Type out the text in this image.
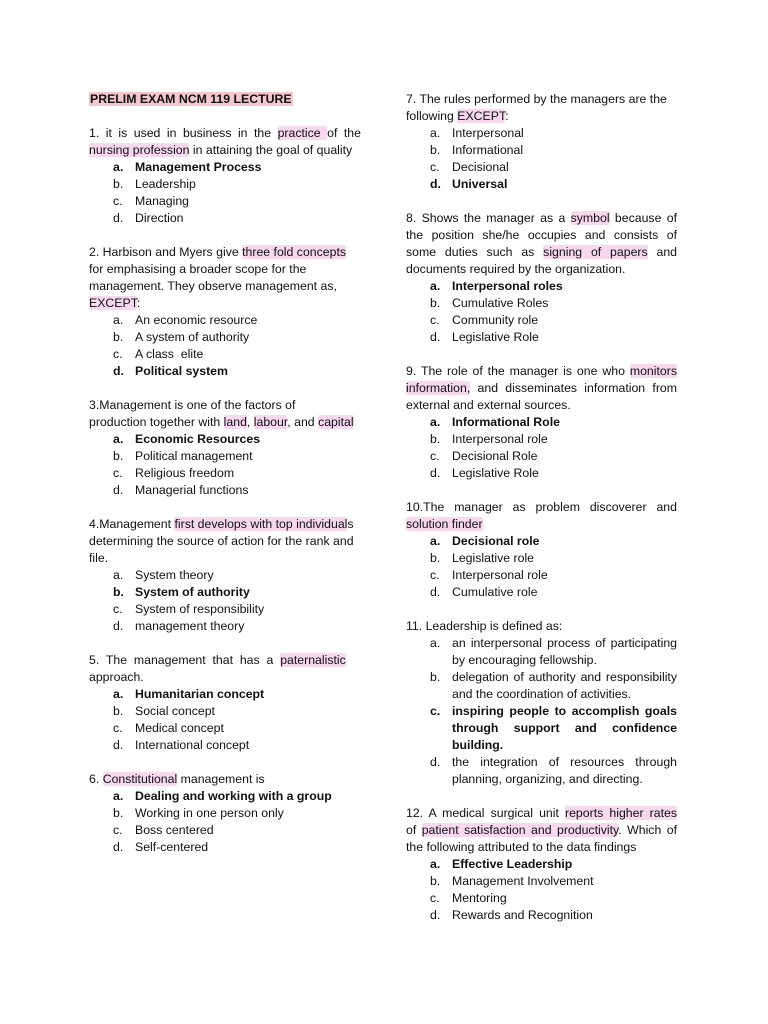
PRELIM EXAM NCM 119 LECTURE
1. it is used in business in the practice of the
nursing profession in attaining the goal of quality
a. Management Process
b. Leadership
c. Managing
d. Direction
2. Harbison and Myers give three fold concepts
for emphasising a broader scope for the
management. They observe management as,
EXCEPT:
a. An economic resource
b. A system of authority
c. A class  elite
d. Political system
3.Management is one of the factors of
production together with land, labour, and capital
a. Economic Resources
b. Political management
c. Religious freedom
d. Managerial functions
4.Management first develops with top individuals
determining the source of action for the rank and
file.
a. System theory
b. System of authority
c. System of responsibility
d. management theory
5.  The  management  that  has  a  paternalistic
approach.
a. Humanitarian concept
b. Social concept
c. Medical concept
d. International concept
6. Constitutional management is
a. Dealing and working with a group
b. Working in one person only
c. Boss centered
d. Self-centered
7. The rules performed by the managers are the
following EXCEPT:
a. Interpersonal
b. Informational
c. Decisional
d. Universal
8. Shows the manager as a symbol because of
the position she/he occupies and consists of
some duties such as signing of papers and
documents required by the organization.
a. Interpersonal roles
b. Cumulative Roles
c. Community role
d. Legislative Role
9. The role of the manager is one who monitors
information, and disseminates information from
external and external sources.
a. Informational Role
b. Interpersonal role
c. Decisional Role
d. Legislative Role
10.The manager as problem discoverer and
solution finder
a. Decisional role
b. Legislative role
c. Interpersonal role
d. Cumulative role
11. Leadership is defined as:
a. an interpersonal process of participating by encouraging fellowship.
b. delegation of authority and responsibility and the coordination of activities.
c. inspiring people to accomplish goals through support and confidence building.
d. the integration of resources through planning, organizing, and directing.
12. A medical surgical unit reports higher rates
of patient satisfaction and productivity. Which of
the following attributed to the data findings
a. Effective Leadership
b. Management Involvement
c. Mentoring
d. Rewards and Recognition
